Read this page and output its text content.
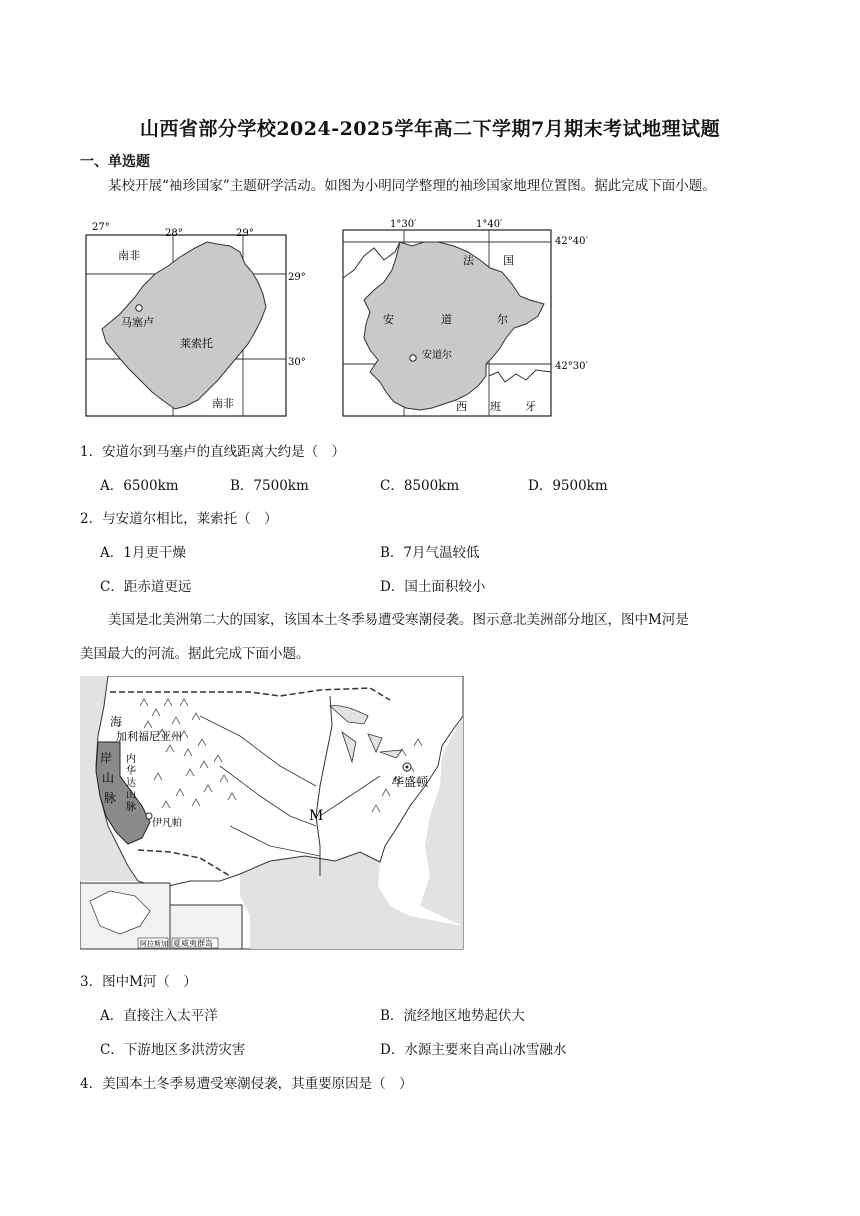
山西省部分学校2024-2025学年高二下学期7月期末考试地理试题
一、单选题
某校开展“袖珍国家”主题研学活动。如图为小明同学整理的袖珍国家地理位置图。据此完成下面小题。
27°
28°	29°
29°
30°
南非
马塞卢
莱索托
南非
1°30′	1°40′
42°40′
42°30′
法	国
安	道	尔
安道尔
西 班 牙
1．安道尔到马塞卢的直线距离大约是（　）
A．6500km	B．7500km	C．8500km	D．9500km
2．与安道尔相比，莱索托（　）
A．1月更干燥	B．7月气温较低
C．距赤道更远	D．国土面积较小
美国是北美洲第二大的国家，该国本土冬季易遭受寒潮侵袭。图示意北美洲部分地区，图中M河是
美国最大的河流。据此完成下面小题。
海
加利福尼亚州
岸
山
脉
内
华
达
山
脉
伊凡帕
华盛顿
M
阿拉斯加 夏威夷群岛
3．图中M河（　）
A．直接注入太平洋	B．流经地区地势起伏大
C．下游地区多洪涝灾害	D．水源主要来自高山冰雪融水
4．美国本土冬季易遭受寒潮侵袭，其重要原因是（　）
